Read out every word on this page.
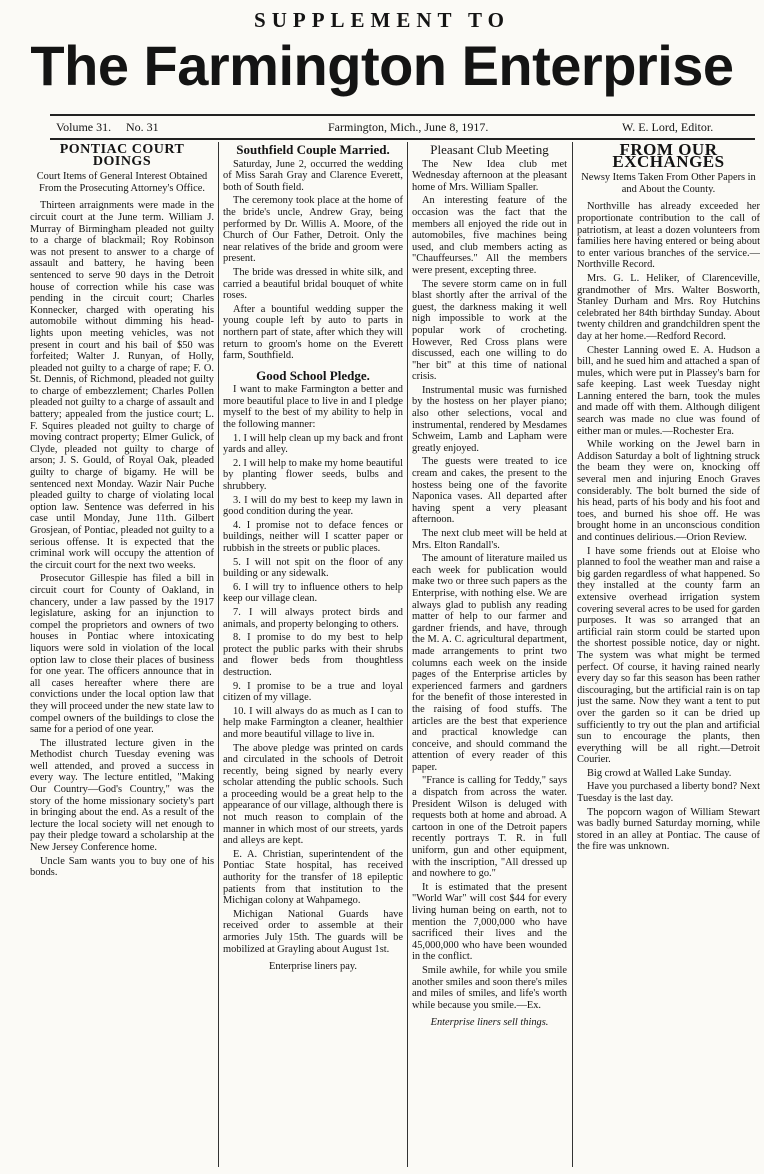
SUPPLEMENT TO
The Farmington Enterprise
Volume 31. No. 31	Farmington, Mich., June 8, 1917.	W. E. Lord, Editor.
PONTIAC COURT DOINGS
Court Items of General Interest Obtained From the Prosecuting Attorney's Office.

Thirteen arraignments were made in the circuit court at the June term. William J. Murray of Birmingham pleaded not guilty to a charge of blackmail; Roy Robinson was not present to answer to a charge of assault and battery, he having been sentenced to serve 90 days in the Detroit house of correction while his case was pending in the circuit court; Charles Konnecker, charged with operating his automobile without dimming his head-lights upon meeting vehicles, was not present in court and his bail of $50 was forfeited; Walter J. Runyan, of Holly, pleaded not guilty to a charge of rape; F. O. St. Dennis, of Richmond, pleaded not guilty to charge of embezzlement; Charles Pollen pleaded not guilty to a charge of assault and battery; appealed from the justice court; L. F. Squires pleaded not guilty to charge of moving contract property; Elmer Gulick, of Clyde, pleaded not guilty to charge of arson; J. S. Gould, of Royal Oak, pleaded guilty to charge of bigamy. He will be sentenced next Monday. Wazir Nair Puche pleaded guilty to charge of violating local option law. Sentence was deferred in his case until Monday, June 11th. Gilbert Grosjean, of Pontiac, pleaded not guilty to a serious offense. It is expected that the criminal work will occupy the attention of the circuit court for the next two weeks.

Prosecutor Gillespie has filed a bill in circuit court for County of Oakland, in chancery, under a law passed by the 1917 legislature, asking for an injunction to compel the proprietors and owners of two houses in Pontiac where intoxicating liquors were sold in violation of the local option law to close their places of business for one year. The officers announce that in all cases hereafter where there are convictions under the local option law that they will proceed under the new state law to compel owners of the buildings to close the same for a period of one year.

The illustrated lecture given in the Methodist church Tuesday evening was well attended, and proved a success in every way. The lecture entitled, "Making Our Country—God's Country," was the story of the home missionary society's part in bringing about the end. As a result of the lecture the local society will net enough to pay their pledge toward a scholarship at the New Jersey Conference home.

Uncle Sam wants you to buy one of his bonds.

Southfield Couple Married.

Saturday, June 2, occurred the wedding of Miss Sarah Gray and Clarence Everett, both of South field.

The ceremony took place at the home of the bride's uncle, Andrew Gray, being performed by Dr. Willis A. Moore, of the Church of Our Father, Detroit. Only the near relatives of the bride and groom were present.

The bride was dressed in white silk, and carried a beautiful bridal bouquet of white roses.

After a bountiful wedding supper the young couple left by auto to parts in northern part of state, after which they will return to groom's home on the Everett farm, Southfield.

Good School Pledge.

I want to make Farmington a better and more beautiful place to live in and I pledge myself to the best of my ability to help in the following manner:

1. I will help clean up my back and front yards and alley.

2. I will help to make my home beautiful by planting flower seeds, bulbs and shrubbery.

3. I will do my best to keep my lawn in good condition during the year.

4. I promise not to deface fences or buildings, neither will I scatter paper or rubbish in the streets or public places.

5. I will not spit on the floor of any building or any sidewalk.

6. I will try to influence others to help keep our village clean.

7. I will always protect birds and animals, and property belonging to others.

8. I promise to do my best to help protect the public parks with their shrubs and flower beds from thoughtless destruction.

9. I promise to be a true and loyal citizen of my village.

10. I will always do as much as I can to help make Farmington a cleaner, healthier and more beautiful village to live in.

The above pledge was printed on cards and circulated in the schools of Detroit recently, being signed by nearly every scholar attending the public schools. Such a proceeding would be a great help to the appearance of our village, although there is not much reason to complain of the manner in which most of our streets, yards and alleys are kept.

E. A. Christian, superintendent of the Pontiac State hospital, has received authority for the transfer of 18 epileptic patients from that institution to the Michigan colony at Wahpamego.

Michigan National Guards have received order to assemble at their armories July 15th. The guards will be mobilized at Grayling about August 1st.

Enterprise liners pay.
Pleasant Club Meeting

The New Idea club met Wednesday afternoon at the pleasant home of Mrs. William Spaller.

An interesting feature of the occasion was the fact that the members all enjoyed the ride out in automobiles, five machines being used, and club members acting as "Chauffeurses." All the members were present, excepting three.

The severe storm came on in full blast shortly after the arrival of the guest, the darkness making it well nigh impossible to work at the popular work of crocheting. However, Red Cross plans were discussed, each one willing to do "her bit" at this time of national crisis.

Instrumental music was furnished by the hostess on her player piano; also other selections, vocal and instrumental, rendered by Mesdames Schweim, Lamb and Lapham were greatly enjoyed.

The guests were treated to ice cream and cakes, the present to the hostess being one of the favorite Naponica vases. All departed after having spent a very pleasant afternoon.

The next club meet will be held at Mrs. Elton Randall's.

The amount of literature mailed us each week for publication would make two or three such papers as the Enterprise, with nothing else. We are always glad to publish any reading matter of help to our farmer and gardner friends, and have, through the M. A. C. agricultural department, made arrangements to print two columns each week on the inside pages of the Enterprise articles by experienced farmers and gardners for the benefit of those interested in the raising of food stuffs. The articles are the best that experience and practical knowledge can conceive, and should command the attention of every reader of this paper.

"France is calling for Teddy," says a dispatch from across the water. President Wilson is deluged with requests both at home and abroad. A cartoon in one of the Detroit papers recently portrays T. R. in full uniform, gun and other equipment, with the inscription, "All dressed up and nowhere to go."

It is estimated that the present "World War" will cost $44 for every living human being on earth, not to mention the 7,000,000 who have sacrificed their lives and the 45,000,000 who have been wounded in the conflict.

Smile awhile, for while you smile another smiles and soon there's miles and miles of smiles, and life's worth while because you smile.—Ex.

Enterprise liners sell things.
FROM OUR EXCHANGES
Newsy Items Taken From Other Papers in and About the County.

Northville has already exceeded her proportionate contribution to the call of patriotism, at least a dozen volunteers from families here having entered or being about to enter various branches of the service.—Northville Record.

Mrs. G. L. Heliker, of Clarenceville, grandmother of Mrs. Walter Bosworth, Stanley Durham and Mrs. Roy Hutchins celebrated her 84th birthday Sunday. About twenty children and grandchildren spent the day at her home.—Redford Record.

Chester Lanning owed E. A. Hudson a bill, and he sued him and attached a span of mules, which were put in Plassey's barn for safe keeping. Last week Tuesday night Lanning entered the barn, took the mules and made off with them. Although diligent search was made no clue was found of either man or mules.—Rochester Era.

While working on the Jewel barn in Addison Saturday a bolt of lightning struck the beam they were on, knocking off several men and injuring Enoch Graves considerably. The bolt burned the side of his head, parts of his body and his foot and toes, and burned his shoe off. He was brought home in an unconscious condition and continues delirious.—Orion Review.

I have some friends out at Eloise who planned to fool the weather man and raise a big garden regardless of what happened. So they installed at the county farm an extensive overhead irrigation system covering several acres to be used for garden purposes. It was so arranged that an artificial rain storm could be started upon the shortest possible notice, day or night. The system was what might be termed perfect. Of course, it having rained nearly every day so far this season has been rather discouraging, but the artificial rain is on tap just the same. Now they want a tent to put over the garden so it can be dried up sufficiently to try out the plan and artificial sun to encourage the plants, then everything will be all right.—Detroit Courier.

Big crowd at Walled Lake Sunday.

Have you purchased a liberty bond? Next Tuesday is the last day.

The popcorn wagon of William Stewart was badly burned Saturday morning, while stored in an alley at Pontiac. The cause of the fire was unknown.
